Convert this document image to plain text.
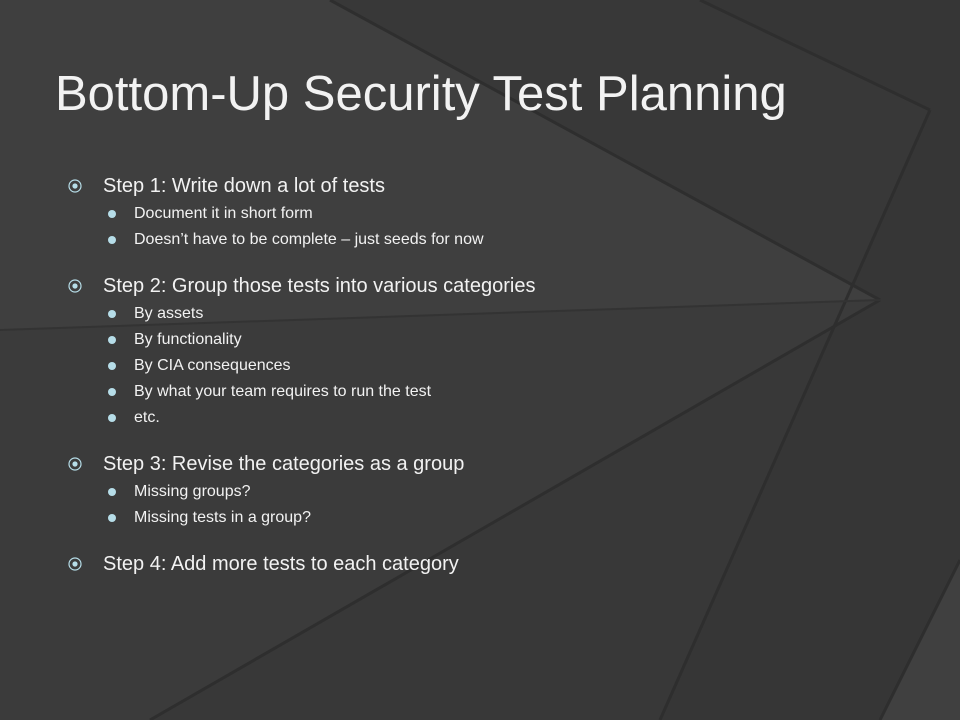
Bottom-Up Security Test Planning
Step 1: Write down a lot of tests
Document it in short form
Doesn’t have to be complete – just seeds for now
Step 2: Group those tests into various categories
By assets
By functionality
By CIA consequences
By what your team requires to run the test
etc.
Step 3: Revise the categories as a group
Missing groups?
Missing tests in a group?
Step 4: Add more tests to each category
